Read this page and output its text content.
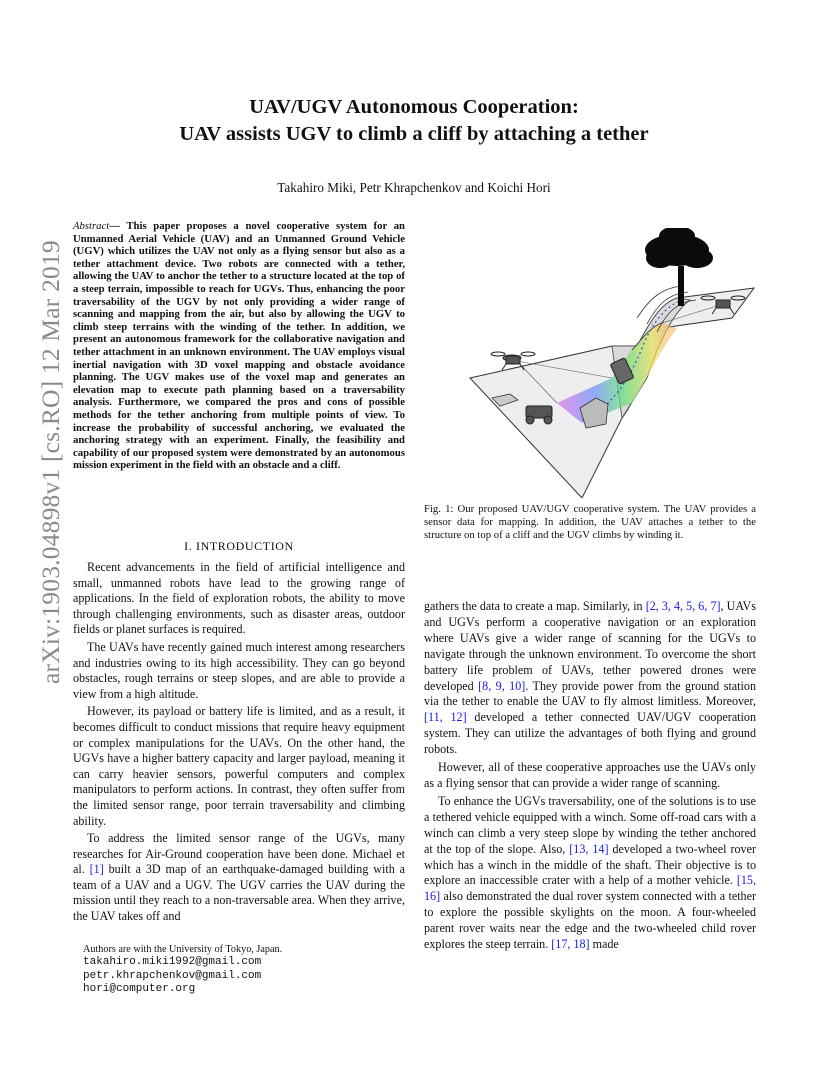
arXiv:1903.04898v1 [cs.RO] 12 Mar 2019
UAV/UGV Autonomous Cooperation:
UAV assists UGV to climb a cliff by attaching a tether
Takahiro Miki, Petr Khrapchenkov and Koichi Hori
Abstract— This paper proposes a novel cooperative system for an Unmanned Aerial Vehicle (UAV) and an Unmanned Ground Vehicle (UGV) which utilizes the UAV not only as a flying sensor but also as a tether attachment device. Two robots are connected with a tether, allowing the UAV to anchor the tether to a structure located at the top of a steep terrain, impossible to reach for UGVs. Thus, enhancing the poor traversability of the UGV by not only providing a wider range of scanning and mapping from the air, but also by allowing the UGV to climb steep terrains with the winding of the tether. In addition, we present an autonomous framework for the collaborative navigation and tether attachment in an unknown environment. The UAV employs visual inertial navigation with 3D voxel mapping and obstacle avoidance planning. The UGV makes use of the voxel map and generates an elevation map to execute path planning based on a traversability analysis. Furthermore, we compared the pros and cons of possible methods for the tether anchoring from multiple points of view. To increase the probability of successful anchoring, we evaluated the anchoring strategy with an experiment. Finally, the feasibility and capability of our proposed system were demonstrated by an autonomous mission experiment in the field with an obstacle and a cliff.
I. INTRODUCTION

Recent advancements in the field of artificial intelligence and small, unmanned robots have lead to the growing range of applications. In the field of exploration robots, the ability to move through challenging environments, such as disaster areas, outdoor fields or planet surfaces is required.

The UAVs have recently gained much interest among researchers and industries owing to its high accessibility. They can go beyond obstacles, rough terrains or steep slopes, and are able to provide a view from a high altitude.

However, its payload or battery life is limited, and as a result, it becomes difficult to conduct missions that require heavy equipment or complex manipulations for the UAVs. On the other hand, the UGVs have a higher battery capacity and larger payload, meaning it can carry heavier sensors, powerful computers and complex manipulators to perform actions. In contrast, they often suffer from the limited sensor range, poor terrain traversability and climbing ability.

To address the limited sensor range of the UGVs, many researches for Air-Ground cooperation have been done. Michael et al. [1] built a 3D map of an earthquake-damaged building with a team of a UAV and a UGV. The UGV carries the UAV during the mission until they reach to a non-traversable area. When they arrive, the UAV takes off and

Authors are with the University of Tokyo, Japan.
takahiro.miki1992@gmail.com
petr.khrapchenkov@gmail.com
hori@computer.org
Fig. 1: Our proposed UAV/UGV cooperative system. The UAV provides a sensor data for mapping. In addition, the UAV attaches a tether to the structure on top of a cliff and the UGV climbs by winding it.

gathers the data to create a map. Similarly, in [2, 3, 4, 5, 6, 7], UAVs and UGVs perform a cooperative navigation or an exploration where UAVs give a wider range of scanning for the UGVs to navigate through the unknown environment. To overcome the short battery life problem of UAVs, tether powered drones were developed [8, 9, 10]. They provide power from the ground station via the tether to enable the UAV to fly almost limitless. Moreover, [11, 12] developed a tether connected UAV/UGV cooperation system. They can utilize the advantages of both flying and ground robots.

However, all of these cooperative approaches use the UAVs only as a flying sensor that can provide a wider range of scanning.

To enhance the UGVs traversability, one of the solutions is to use a tethered vehicle equipped with a winch. Some off-road cars with a winch can climb a very steep slope by winding the tether anchored at the top of the slope. Also, [13, 14] developed a two-wheel rover which has a winch in the middle of the shaft. Their objective is to explore an inaccessible crater with a help of a mother vehicle. [15, 16] also demonstrated the dual rover system connected with a tether to explore the possible skylights on the moon. A four-wheeled parent rover waits near the edge and the two-wheeled child rover explores the steep terrain. [17, 18] made
